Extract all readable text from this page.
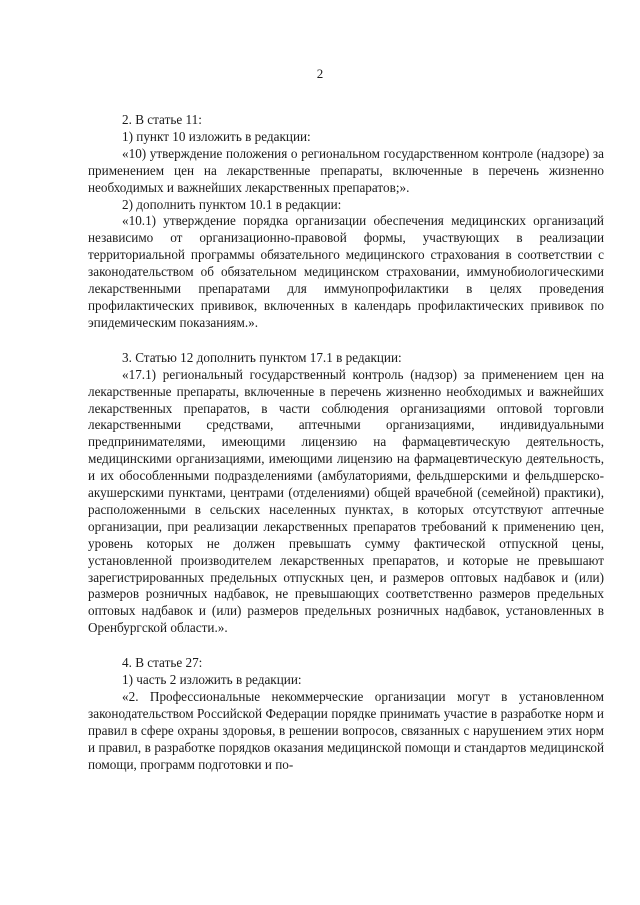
2

2. В статье 11:

1) пункт 10 изложить в редакции:

«10) утверждение положения о региональном государственном контроле (надзоре) за применением цен на лекарственные препараты, включенные в перечень жизненно необходимых и важнейших лекарственных препаратов;».

2) дополнить пунктом 10.1 в редакции:

«10.1) утверждение порядка организации обеспечения медицинских организаций независимо от организационно-правовой формы, участвующих в реализации территориальной программы обязательного медицинского страхования в соответствии с законодательством об обязательном медицинском страховании, иммунобиологическими лекарственными препаратами для иммунопрофилактики в целях проведения профилактических прививок, включенных в календарь профилактических прививок по эпидемическим показаниям.».

3. Статью 12 дополнить пунктом 17.1 в редакции:

«17.1) региональный государственный контроль (надзор) за применением цен на лекарственные препараты, включенные в перечень жизненно необходимых и важнейших лекарственных препаратов, в части соблюдения организациями оптовой торговли лекарственными средствами, аптечными организациями, индивидуальными предпринимателями, имеющими лицензию на фармацевтическую деятельность, медицинскими организациями, имеющими лицензию на фармацевтическую деятельность, и их обособленными подразделениями (амбулаториями, фельдшерскими и фельдшерско-акушерскими пунктами, центрами (отделениями) общей врачебной (семейной) практики), расположенными в сельских населенных пунктах, в которых отсутствуют аптечные организации, при реализации лекарственных препаратов требований к применению цен, уровень которых не должен превышать сумму фактической отпускной цены, установленной производителем лекарственных препаратов, и которые не превышают зарегистрированных предельных отпускных цен, и размеров оптовых надбавок и (или) размеров розничных надбавок, не превышающих соответственно размеров предельных оптовых надбавок и (или) размеров предельных розничных надбавок, установленных в Оренбургской области.».

4. В статье 27:

1) часть 2 изложить в редакции:

«2. Профессиональные некоммерческие организации могут в установленном законодательством Российской Федерации порядке принимать участие в разработке норм и правил в сфере охраны здоровья, в решении вопросов, связанных с нарушением этих норм и правил, в разработке порядков оказания медицинской помощи и стандартов медицинской помощи, программ подготовки и по-
